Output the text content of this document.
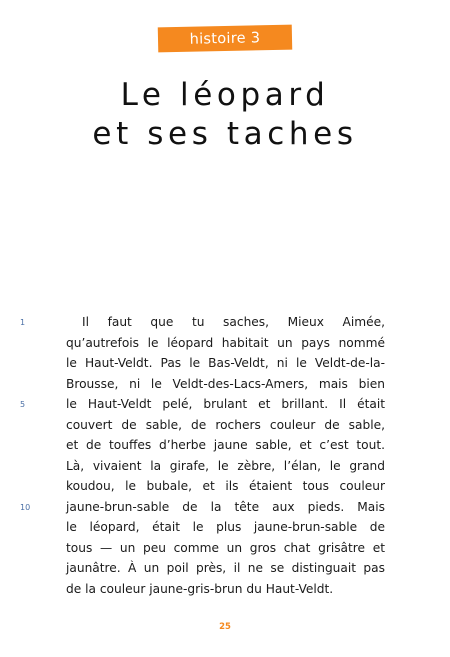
histoire 3
Le léopard
et ses taches
1	Il faut que tu saches, Mieux Aimée,
qu’autrefois le léopard habitait un pays nommé
le Haut-Veldt. Pas le Bas-Veldt, ni le Veldt-de-la-
Brousse, ni le Veldt-des-Lacs-Amers, mais bien
5	le Haut-Veldt pelé, brulant et brillant. Il était
couvert de sable, de rochers couleur de sable,
et de touffes d’herbe jaune sable, et c’est tout.
Là, vivaient la girafe, le zèbre, l’élan, le grand
koudou, le bubale, et ils étaient tous couleur
10	jaune-brun-sable de la tête aux pieds. Mais
le léopard, était le plus jaune-brun-sable de
tous — un peu comme un gros chat grisâtre et
jaunâtre. À un poil près, il ne se distinguait pas
de la couleur jaune-gris-brun du Haut-Veldt.
25
